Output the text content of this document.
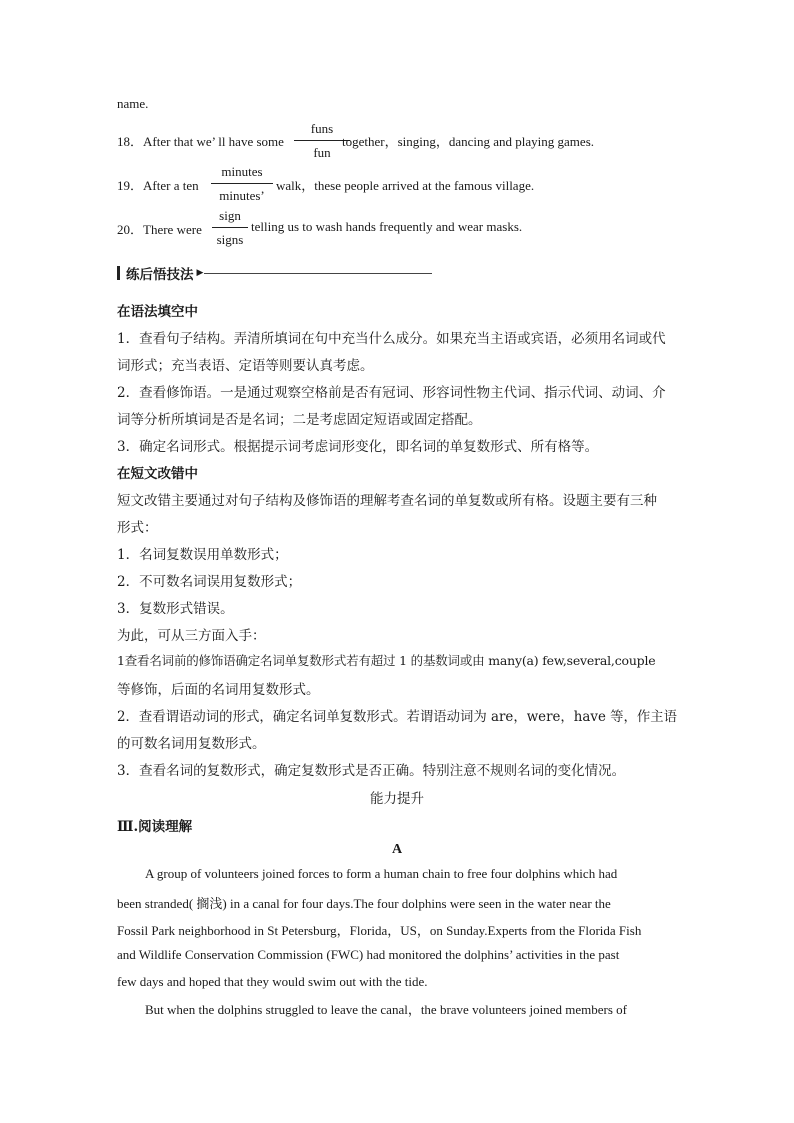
name.
18．After that we’ ll have some
funs
fun
together，singing，dancing and playing games.
19．After a ten
minutes
minutes’
walk，these people arrived at the famous village.
20．There were
sign
signs
telling us to wash hands frequently and wear masks.
练后悟技法 ▶
在语法填空中
1．查看句子结构。弄清所填词在句中充当什么成分。如果充当主语或宾语，必须用名词或代
词形式；充当表语、定语等则要认真考虑。
2．查看修饰语。一是通过观察空格前是否有冠词、形容词性物主代词、指示代词、动词、介
词等分析所填词是否是名词；二是考虑固定短语或固定搭配。
3．确定名词形式。根据提示词考虑词形变化，即名词的单复数形式、所有格等。
在短文改错中
短文改错主要通过对句子结构及修饰语的理解考查名词的单复数或所有格。设题主要有三种
形式：
1．名词复数误用单数形式；
2．不可数名词误用复数形式；
3．复数形式错误。
为此，可从三方面入手：
1查看名词前的修饰语确定名词单复数形式若有超过 1 的基数词或由 many(a) few,several,couple
等修饰，后面的名词用复数形式。
2．查看谓语动词的形式，确定名词单复数形式。若谓语动词为 are，were，have 等，作主语
的可数名词用复数形式。
3．查看名词的复数形式，确定复数形式是否正确。特别注意不规则名词的变化情况。
能力提升
Ⅲ.阅读理解
A
A group of volunteers joined forces to form a human chain to free four dolphins which had
been stranded( 搁浅) in a canal for four days.The four dolphins were seen in the water near the
Fossil Park neighborhood in St Petersburg，Florida，US，on Sunday.Experts from the Florida Fish
and Wildlife Conservation Commission (FWC) had monitored the dolphins’ activities in the past
few days and hoped that they would swim out with the tide.
But when the dolphins struggled to leave the canal，the brave volunteers joined members of
